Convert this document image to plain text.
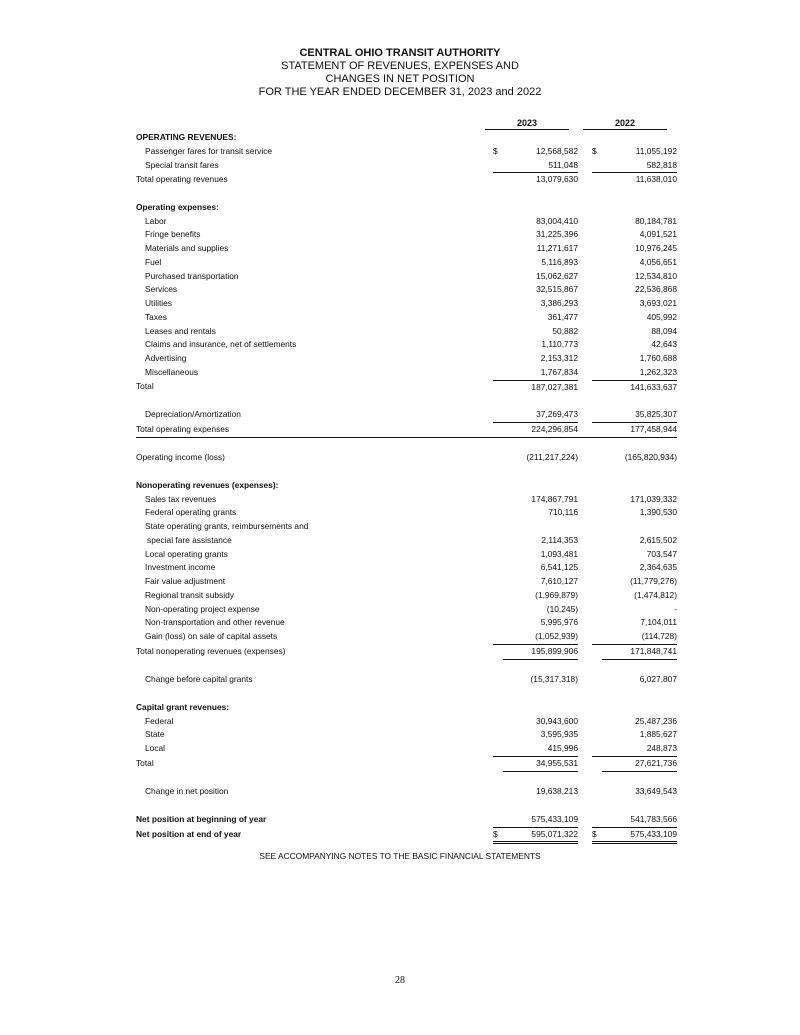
CENTRAL OHIO TRANSIT AUTHORITY
STATEMENT OF REVENUES, EXPENSES AND
CHANGES IN NET POSITION
FOR THE YEAR ENDED DECEMBER 31, 2023 and 2022
2023	2022
OPERATING REVENUES:					
Passenger fares for transit service	$	12,568,582		$	11,055,192
Special transit fares		511,048			582,818
Total operating revenues		13,079,630			11,638,010

Operating expenses:					
Labor		83,004,410			80,184,781
Fringe benefits		31,225,396			4,091,521
Materials and supplies		11,271,617			10,976,245
Fuel		5,116,893			4,056,651
Purchased transportation		15,062,627			12,534,810
Services		32,515,867			22,536,868
Utilities		3,386,293			3,693,021
Taxes		361,477			405,992
Leases and rentals		50,882			88,094
Claims and insurance, net of settlements		1,110,773			42,643
Advertising		2,153,312			1,760,688
Miscellaneous		1,767,834			1,262,323
Total		187,027,381			141,633,637

Depreciation/Amortization		37,269,473			35,825,307
Total operating expenses		224,296,854			177,458,944

Operating income (loss)		(211,217,224)			(165,820,934)

Nonoperating revenues (expenses):					
Sales tax revenues		174,867,791			171,039,332
Federal operating grants		710,116			1,390,530
State operating grants, reimbursements and					
special fare assistance		2,114,353			2,615,502
Local operating grants		1,093,481			703,547
Investment income		6,541,125			2,364,635
Fair value adjustment		7,610,127			(11,779,276)
Regional transit subsidy		(1,969,879)			(1,474,812)
Non-operating project expense		(10,245)			-
Non-transportation and other revenue		5,995,976			7,104,011
Gain (loss) on sale of capital assets		(1,052,939)			(114,728)
Total nonoperating revenues (expenses)		195,899,906			171,848,741

Change before capital grants		(15,317,318)			6,027,807

Capital grant revenues:					
Federal		30,943,600			25,487,236
State		3,595,935			1,885,627
Local		415,996			248,873
Total		34,955,531			27,621,736

Change in net position		19,638,213			33,649,543

Net position at beginning of year		575,433,109			541,783,566
Net position at end of year	$	595,071,322		$	575,433,109
SEE ACCOMPANYING NOTES TO THE BASIC FINANCIAL STATEMENTS
28
